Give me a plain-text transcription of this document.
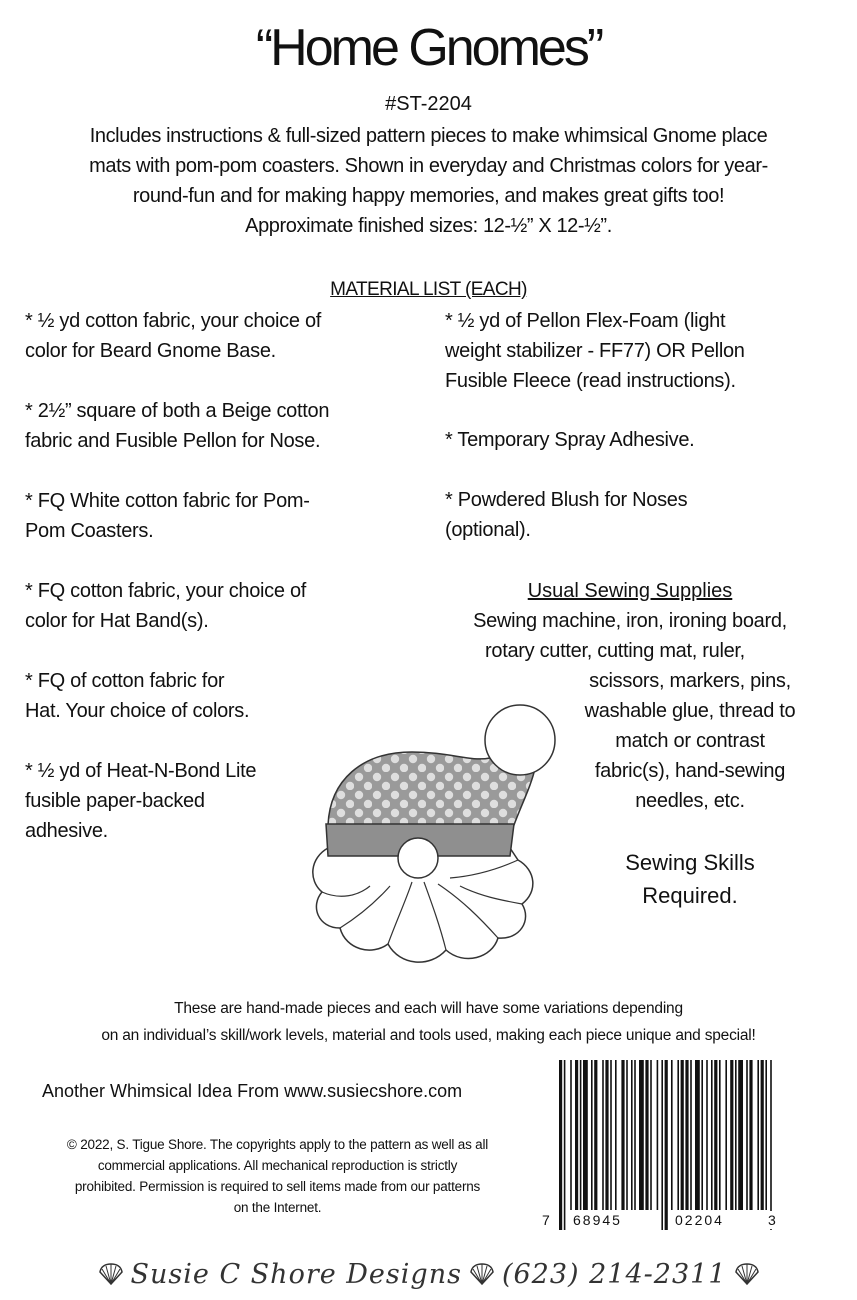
“Home Gnomes”
#ST-2204
Includes instructions & full-sized pattern pieces to make whimsical Gnome place
mats with pom-pom coasters. Shown in everyday and Christmas colors for year-
round-fun and for making happy memories, and makes great gifts too!
Approximate finished sizes: 12-½” X 12-½”.
MATERIAL LIST (EACH)
* ½ yd cotton fabric, your choice of
color for Beard Gnome Base.
* 2½” square of both a Beige cotton
fabric and Fusible Pellon for Nose.
* FQ White cotton fabric for Pom-
Pom Coasters.
* FQ cotton fabric, your choice of
color for Hat Band(s).
* FQ of cotton fabric for
Hat. Your choice of colors.
* ½ yd of Heat-N-Bond Lite
fusible paper-backed
adhesive.
* ½ yd of Pellon Flex-Foam (light
weight stabilizer - FF77) OR Pellon
Fusible Fleece (read instructions).
* Temporary Spray Adhesive.
* Powdered Blush for Noses
(optional).
Usual Sewing Supplies
Sewing machine, iron, ironing board,
rotary cutter, cutting mat, ruler,
scissors, markers, pins,
washable glue, thread to
match or contrast
fabric(s), hand-sewing
needles, etc.
Sewing Skills
Required.
These are hand-made pieces and each will have some variations depending
on an individual’s skill/work levels, material and tools used, making each piece unique and special!
Another Whimsical Idea From www.susiecshore.com
© 2022, S. Tigue Shore. The copyrights apply to the pattern as well as all
commercial applications. All mechanical reproduction is strictly
prohibited. Permission is required to sell items made from our patterns
on the Internet.
7 68945	02204	3
Susie C Shore Designs (623) 214-2311
